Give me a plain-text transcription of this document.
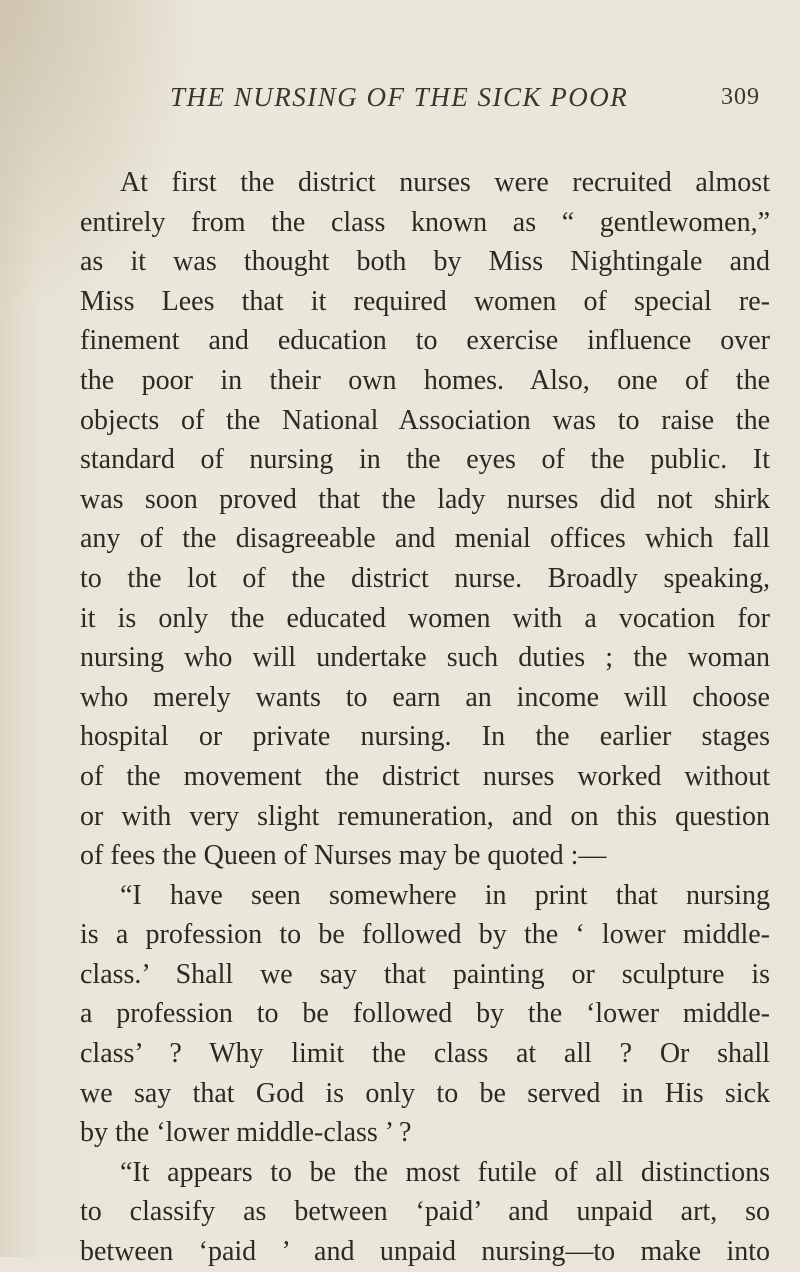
THE NURSING OF THE SICK POOR	309
At first the district nurses were recruited almost
entirely from the class known as “ gentlewomen,”
as it was thought both by Miss Nightingale and
Miss Lees that it required women of special re-
finement and education to exercise influence over
the poor in their own homes. Also, one of the
objects of the National Association was to raise the
standard of nursing in the eyes of the public. It
was soon proved that the lady nurses did not shirk
any of the disagreeable and menial offices which fall
to the lot of the district nurse. Broadly speaking,
it is only the educated women with a vocation for
nursing who will undertake such duties ; the woman
who merely wants to earn an income will choose
hospital or private nursing. In the earlier stages
of the movement the district nurses worked without
or with very slight remuneration, and on this question
of fees the Queen of Nurses may be quoted :—
“I have seen somewhere in print that nursing
is a profession to be followed by the ‘ lower middle-
class.’ Shall we say that painting or sculpture is
a profession to be followed by the ‘lower middle-
class’ ? Why limit the class at all ? Or shall
we say that God is only to be served in His sick
by the ‘lower middle-class ’ ?
“It appears to be the most futile of all distinctions
to classify as between ‘paid’ and unpaid art, so
between ‘paid ’ and unpaid nursing—to make into
